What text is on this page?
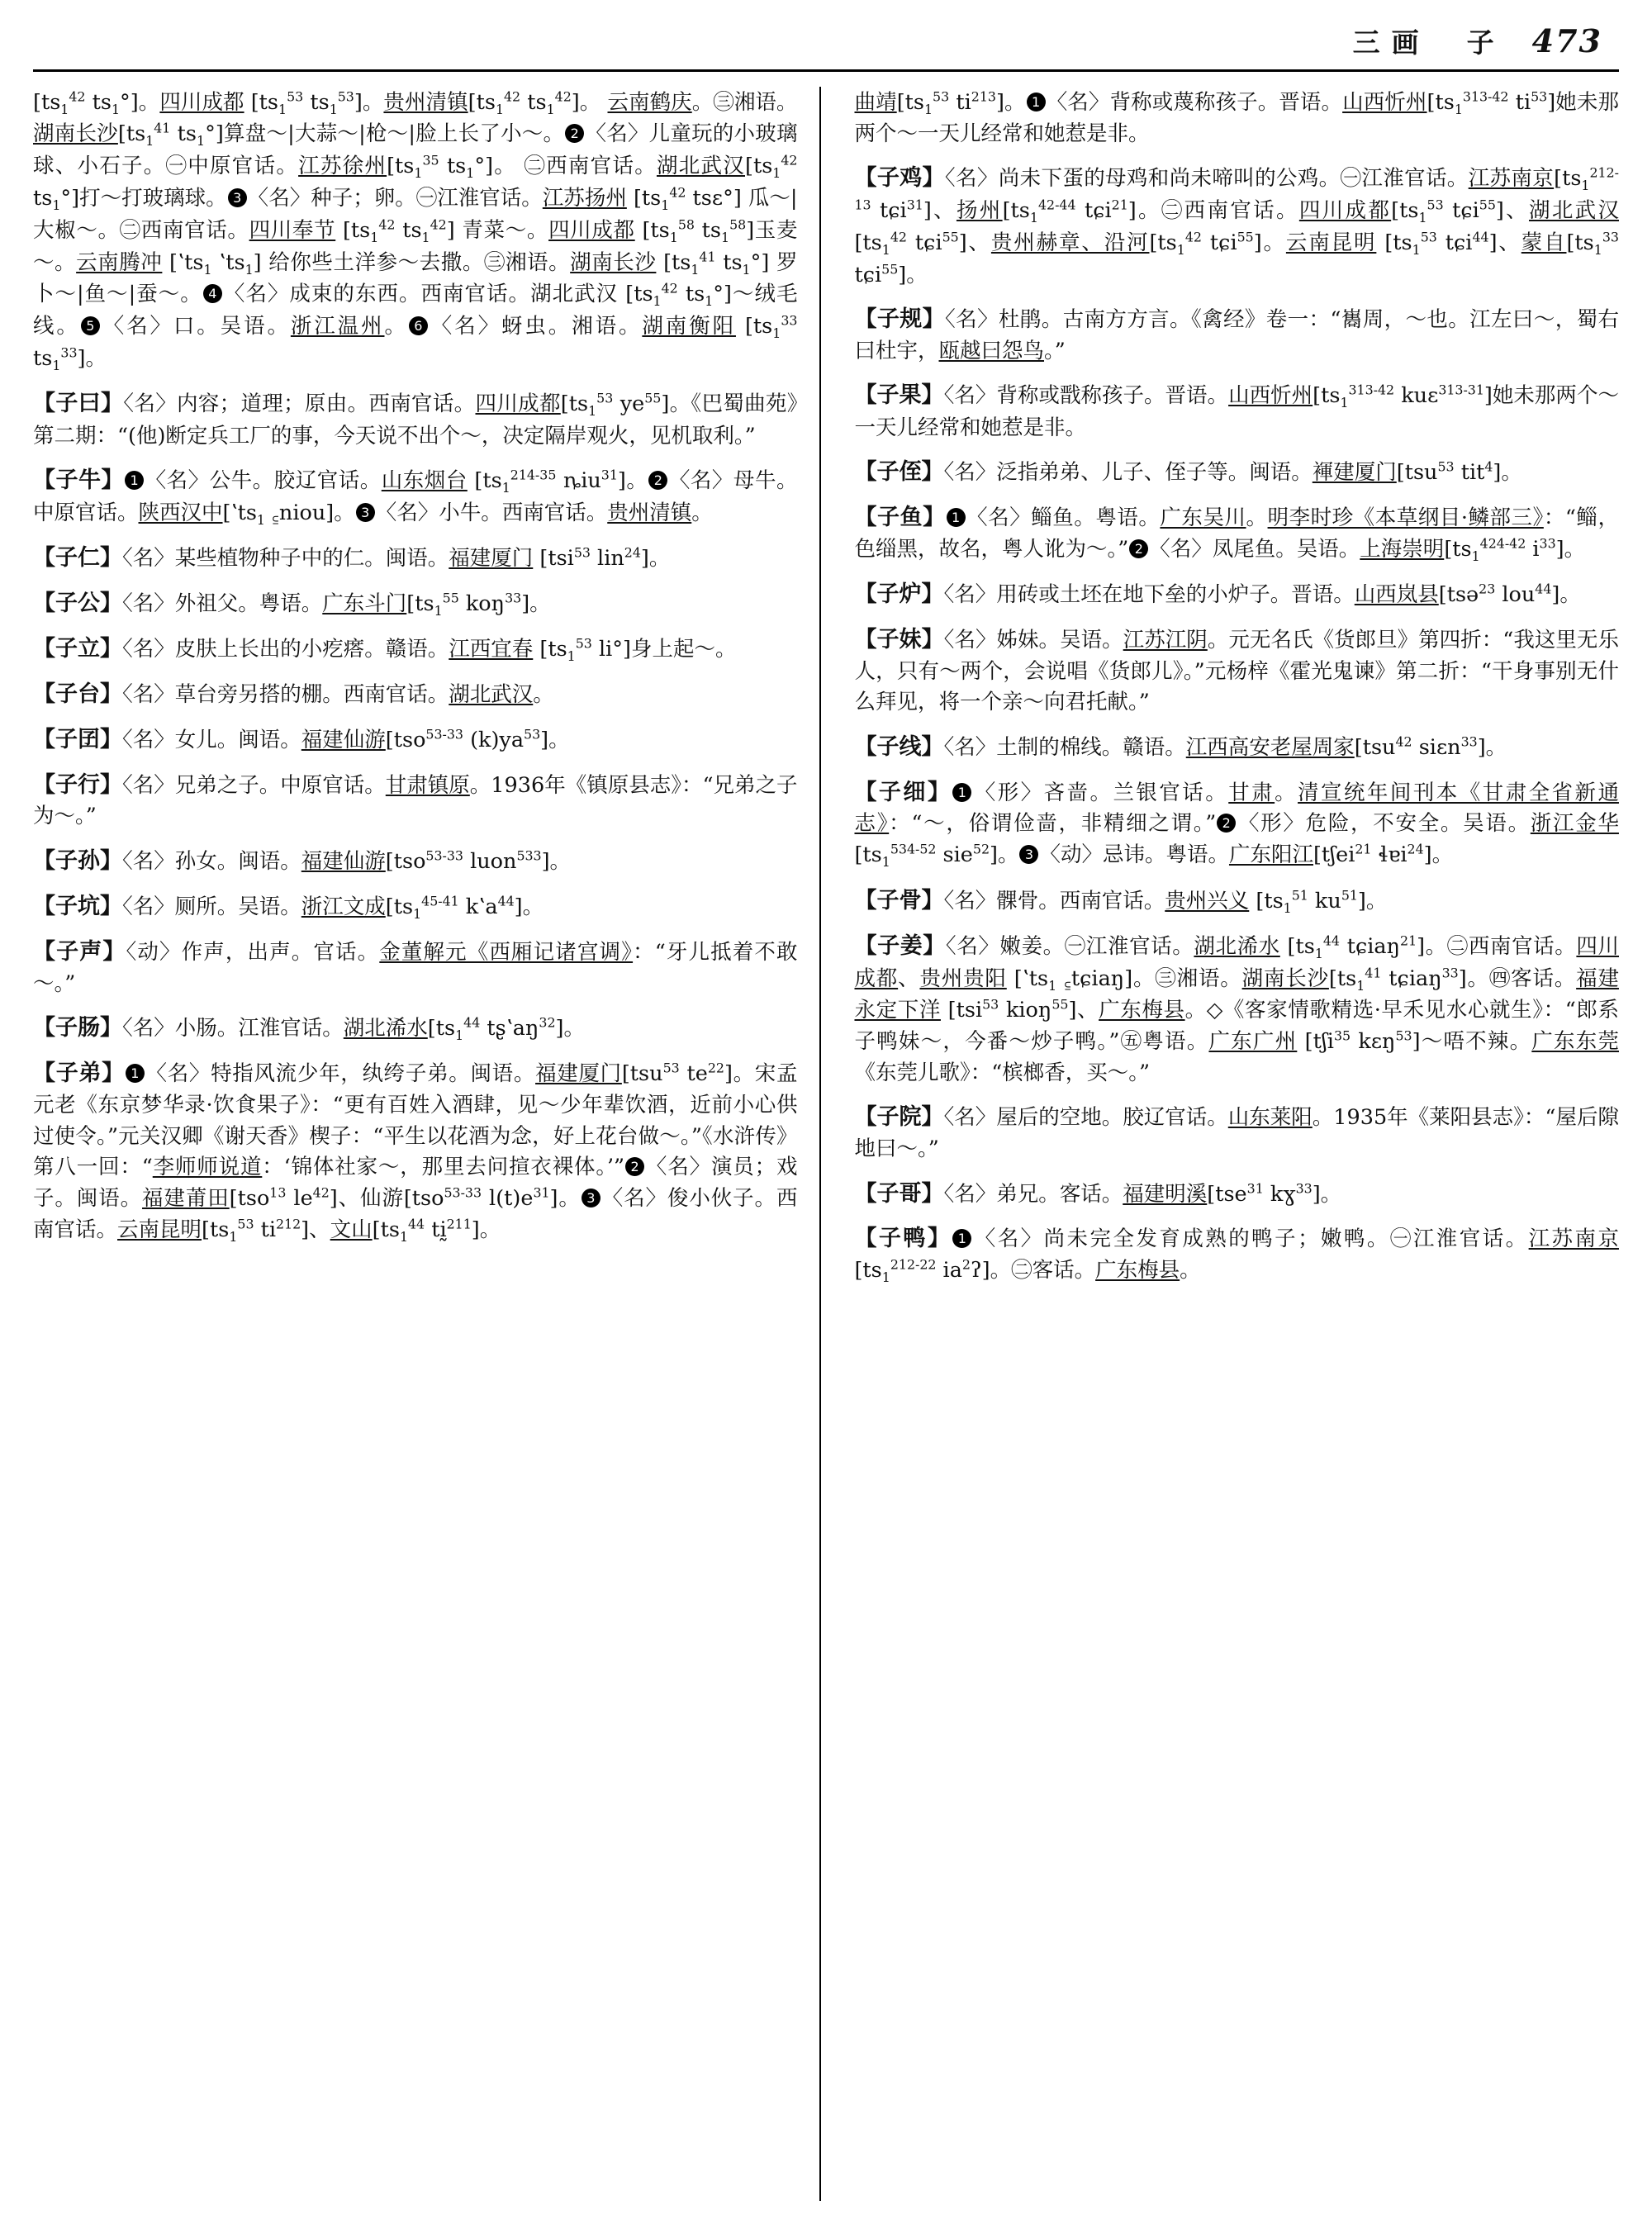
三画 子 473
[$ts_1^{42}$ $ts_1^\circ$]。四川成都 [$ts_1^{53}$ $ts_1^{53}$]。贵州清镇[$ts_1^{42}$ $ts_1^{42}$]。 云南鹤庆。㊂湘语。湖南长沙[$ts_1^{41}$ $ts_1^\circ$]算盘～|大蒜～|枪～|脸上长了小～。 2 〈名〉儿童玩的小玻璃球、小石子。㊀中原官话。江苏徐州[$ts_1^{35}$ $ts_1^\circ$]。 ㊁西南官话。湖北武汉[$ts_1^{42}$ $ts_1^\circ$]打～打玻璃球。 3 〈名〉种子；卵。㊀江淮官话。江苏扬州 [$ts_1^{42}$ tsɛ°] 瓜～|大椒～。㊁西南官话。四川奉节 [$ts_1^{42}$ $ts_1^{42}$] 青菜～。四川成都 [$ts_1^{58}$ $ts_1^{58}$]玉麦～。云南腾冲 [ʽts$_1$ ʽts$_1$] 给你些土洋参～去撒。㊂湘语。湖南长沙 [$ts_1^{41}$ $ts_1^\circ$] 罗卜～|鱼～|蚕～。 4 〈名〉成束的东西。西南官话。湖北武汉 [$ts_1^{42}$ $ts_1^\circ]\sim$绒毛线。 5 〈名〉口。吴语。浙江温州。 6 〈名〉蚜虫。湘语。湖南衡阳 [$ts_1^{33}$ $ts_1^{33}$]。
【子曰】〈名〉内容；道理；原由。西南官话。四川成都[$ts_1^{53}$ $ye^{55}$]。《巴蜀曲苑》第二期：“(他)断定兵工厂的事，今天说不出个～，决定隔岸观火，见机取利。”
【子牛】 1 〈名〉公牛。胶辽官话。山东烟台 [$ts_1^{214-35}$ ȵiu$^{31}$]。 2 〈名〉母牛。中原官话。陕西汉中[ʽts$_1$ ꜁niou]。 3 〈名〉小牛。西南官话。贵州清镇。
【子仁】〈名〉某些植物种子中的仁。闽语。福建厦门 [tsi$^{53}$ lin$^{24}$]。
【子公】〈名〉外祖父。粤语。广东斗门[$ts_1^{55}$ koŋ$^{33}$]。
【子立】〈名〉皮肤上长出的小疙瘩。赣语。江西宜春 [$ts_1^{53}$ li°]身上起～。
【子台】〈名〉草台旁另搭的棚。西南官话。湖北武汉。
【子囝】〈名〉女儿。闽语。福建仙游[tso$^{53-33}$ $(k)ya^{53}$]。
【子行】〈名〉兄弟之子。中原官话。甘肃镇原。1936年《镇原县志》：“兄弟之子为～。”
【子孙】〈名〉孙女。闽语。福建仙游[tso$^{53-33}$ luon$^{533}$]。
【子坑】〈名〉厕所。吴语。浙江文成[$ts_1^{45-41}$ kʽa$^{44}$]。
【子声】〈动〉作声，出声。官话。金董解元《西厢记诸宫调》：“牙儿抵着不敢～。”
【子肠】〈名〉小肠。江淮官话。湖北浠水[$ts_1^{44}$ tʂʽaŋ$^{32}$]。
【子弟】 1 〈名〉特指风流少年，纨绔子弟。闽语。福建厦门[tsu$^{53}$ $te^{22}$]。宋孟元老《东京梦华录·饮食果子》：“更有百姓入酒肆，见～少年辈饮酒，近前小心供过使令。”元关汉卿《谢天香》楔子：“平生以花酒为念，好上花台做～。”《水浒传》第八一回：“李师师说道：‘锦体社家～，那里去问揎衣裸体。’” 2 〈名〉演员；戏子。闽语。福建莆田[tso$^{13}$ $le^{42}$]、仙游[tso$^{53-33}$ $l(t)e^{31}$]。 3 〈名〉俊小伙子。西南官话。云南昆明[$ts_1^{53}$ $ti^{212}$]、文山[$ts_1^{44}$ tḭ$^{211}$]。
曲靖[$ts_1^{53}$ $ti^{213}$]。 1 〈名〉背称或蔑称孩子。晋语。山西忻州[$ts_1^{313-42}$ $ti^{53}$]她未那两个～一天儿经常和她惹是非。
【子鸡】〈名〉尚未下蛋的母鸡和尚未啼叫的公鸡。㊀江淮官话。江苏南京[$ts_1^{212-13}$ tɕi$^{31}$]、扬州[$ts_1^{42-44}$ tɕi$^{21}$]。㊁西南官话。四川成都[$ts_1^{53}$ tɕi$^{55}$]、湖北武汉 [$ts_1^{42}$ tɕi$^{55}$]、贵州赫章、沿河[$ts_1^{42}$ tɕi$^{55}$]。云南昆明 [$ts_1^{53}$ tɕi$^{44}$]、蒙自[$ts_1^{33}$ tɕi$^{55}$]。
【子规】〈名〉杜鹃。古南方方言。《禽经》卷一：“巂周，～也。江左曰～，蜀右曰杜宇，瓯越曰怨鸟。”
【子果】〈名〉背称或戬称孩子。晋语。山西忻州[$ts_1^{313-42}$ kuɛ$^{313-31}$]她未那两个～一天儿经常和她惹是非。
【子侄】〈名〉泛指弟弟、儿子、侄子等。闽语。褌建厦门[tsu$^{53}$ tit$^4$]。
【子鱼】 1 〈名〉鲻鱼。粤语。广东吴川。明李时珍《本草纲目·鳞部三》：“鲻，色缁黑，故名，粤人讹为～。” 2 〈名〉凤尾鱼。吴语。上海崇明[$ts_1^{424-42}$ $i^{33}$]。
【子炉】〈名〉用砖或土坯在地下垒的小炉子。晋语。山西岚县[tsə$^{23}$ lou$^{44}$]。
【子妹】〈名〉姊妹。吴语。江苏江阴。元无名氏《货郎旦》第四折：“我这里无乐人，只有～两个，会说唱《货郎儿》。”元杨梓《霍光鬼谏》第二折：“干身事别无什么拜见，将一个亲～向君托献。”
【子线】〈名〉土制的棉线。赣语。江西高安老屋周家[tsu$^{42}$ siɛn$^{33}$]。
【子细】 1 〈形〉吝啬。兰银官话。甘肃。清宣统年间刊本《甘肃全省新通志》：“～，俗谓俭啬，非精细之谓。” 2 〈形〉危险，不安全。吴语。浙江金华[$ts_1^{534-52}$ sie$^{52}$]。 3 〈动〉忌讳。粤语。广东阳江[tʃei$^{21}$ ɬɐi$^{24}$]。
【子骨】〈名〉髁骨。西南官话。贵州兴义 [$ts_1^{51}$ $ku^{51}$]。
【子姜】〈名〉嫩姜。㊀江淮官话。湖北浠水 [$ts_1^{44}$ tɕiaŋ$^{21}$]。㊁西南官话。四川成都、贵州贵阳 [ʽts$_1$ ꜁tɕiaŋ]。㊂湘语。湖南长沙[$ts_1^{41}$ tɕiaŋ$^{33}$]。㊃客话。福建永定下洋 [tsi$^{53}$ kioŋ$^{55}$]、广东梅县。◇《客家情歌精选·早禾见水心就生》：“郎系子鸭妹～，今番～炒子鸭。”㊄粤语。广东广州 [tʃi$^{35}$ kɛŋ$^{53}$]～唔不辣。广东东莞《东莞儿歌》：“槟榔香，买～。”
【子院】〈名〉屋后的空地。胶辽官话。山东莱阳。1935年《莱阳县志》：“屋后隙地曰～。”
【子哥】〈名〉弟兄。客话。福建明溪[tse$^{31}$ kɣ$^{33}$]。
【子鸭】 1 〈名〉尚未完全发育成熟的鸭子；嫩鸭。㊀江淮官话。江苏南京[$ts_1^{212-22}$ $ia^2ʔ$]。㊁客话。广东梅县。
